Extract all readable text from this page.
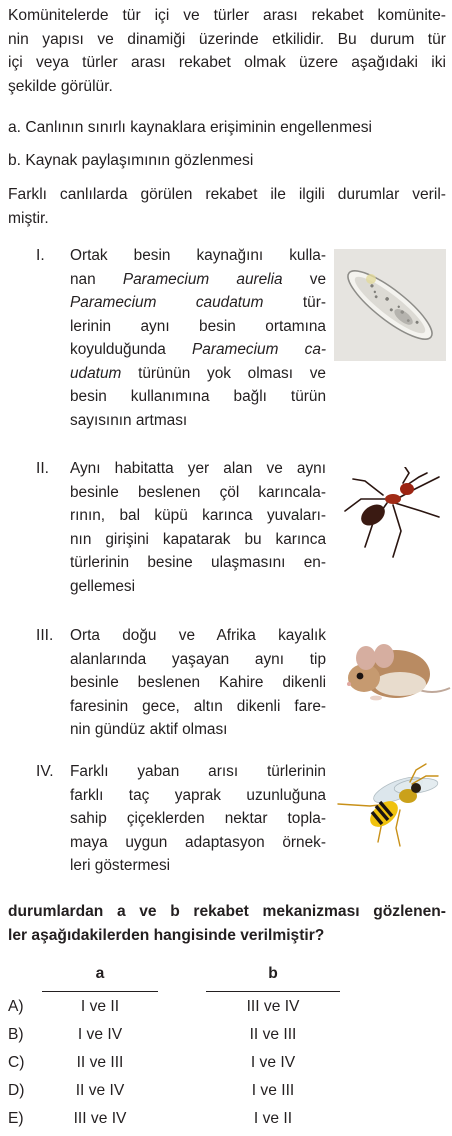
Komünitelerde tür içi ve türler arası rekabet komünite-
nin yapısı ve dinamiği üzerinde etkilidir. Bu durum tür
içi veya türler arası rekabet olmak üzere aşağıdaki iki
şekilde görülür.
a. Canlının sınırlı kaynaklara erişiminin engellenmesi
b. Kaynak paylaşımının gözlenmesi
Farklı canlılarda görülen rekabet ile ilgili durumlar veril-
miştir.
I.	Ortak besin kaynağını kulla-
nan Paramecium aurelia ve
Paramecium caudatum tür-
lerinin aynı besin ortamına
koyulduğunda Paramecium ca-
udatum türünün yok olması ve
besin kullanımına bağlı türün
sayısının artması
II.	Aynı habitatta yer alan ve aynı
besinle beslenen çöl karıncala-
rının, bal küpü karınca yuvaları-
nın girişini kapatarak bu karınca
türlerinin besine ulaşmasını en-
gellemesi
III.	Orta doğu ve Afrika kayalık
alanlarında yaşayan aynı tip
besinle beslenen Kahire dikenli
faresinin gece, altın dikenli fare-
nin gündüz aktif olması
IV.	Farklı yaban arısı türlerinin
farklı taç yaprak uzunluğuna
sahip çiçeklerden nektar topla-
maya uygun adaptasyon örnek-
leri göstermesi
durumlardan a ve b rekabet mekanizması gözlenen-
ler aşağıdakilerden hangisinde verilmiştir?
a	b
A)	I ve II	III ve IV
B)	I ve IV	II ve III
C)	II ve III	I ve IV
D)	II ve IV	I ve III
E)	III ve IV	I ve II
